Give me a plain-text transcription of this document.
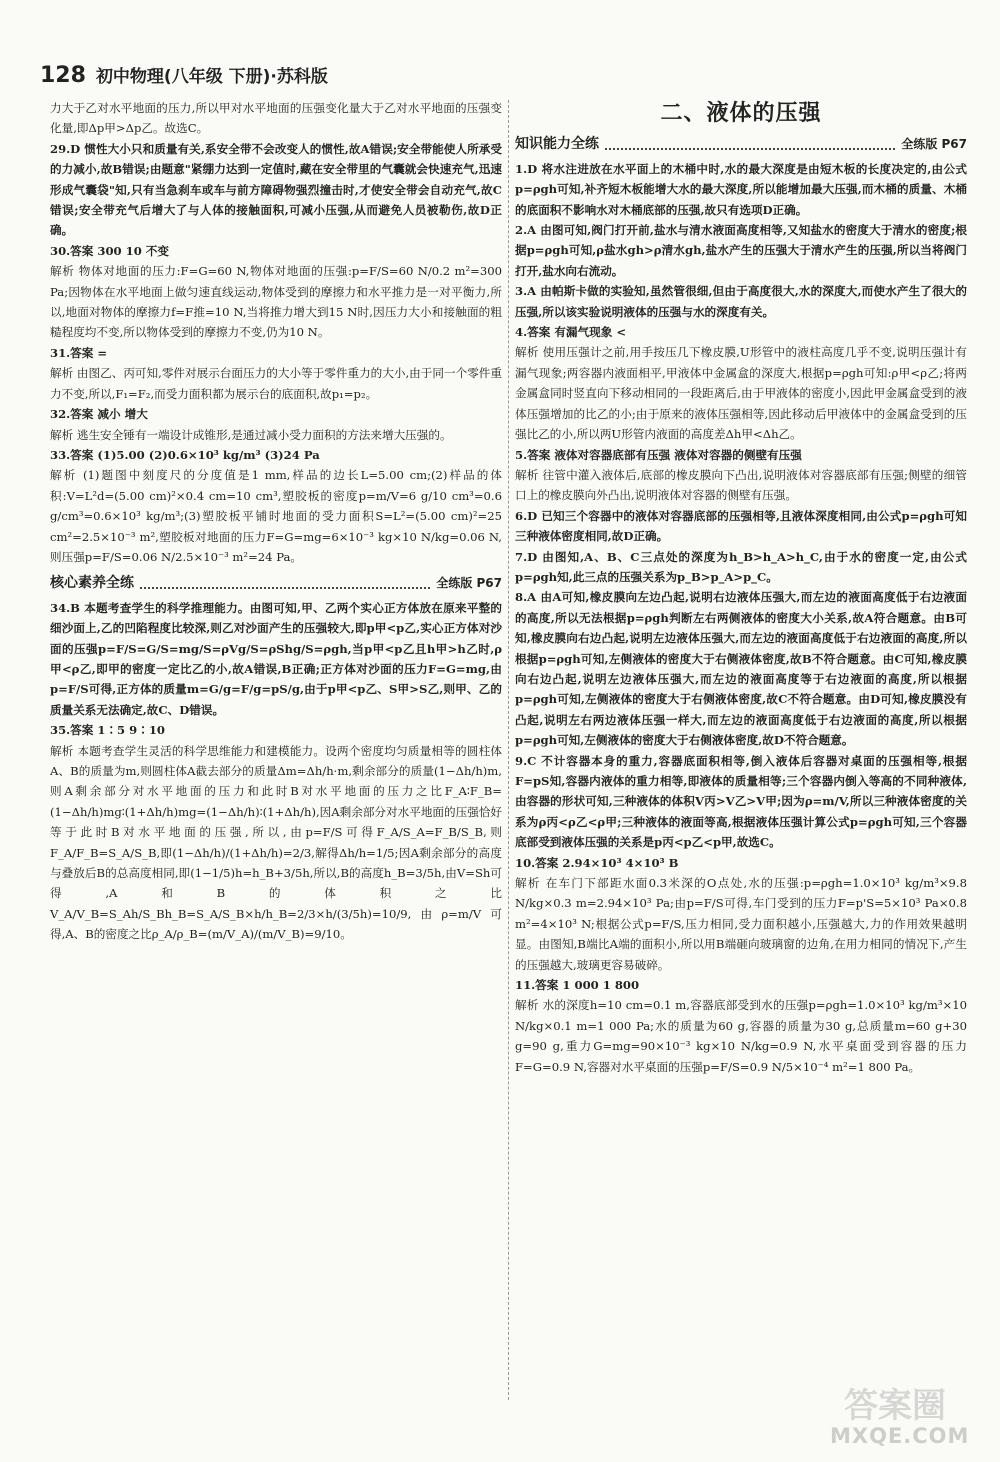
128 初中物理(八年级 下册)·苏科版

力大于乙对水平地面的压力,所以甲对水平地面的压强变化量大于乙对水平地面的压强变化量,即Δp甲>Δp乙。故选C。

29.D 惯性大小只和质量有关,系安全带不会改变人的惯性,故A错误;安全带能使人所承受的力减小,故B错误;由题意"紧绷力达到一定值时,藏在安全带里的气囊就会快速充气,迅速形成气囊袋"知,只有当急刹车或车与前方障碍物强烈撞击时,才使安全带会自动充气,故C错误;安全带充气后增大了与人体的接触面积,可减小压强,从而避免人员被勒伤,故D正确。

30.答案 300 10 不变

解析 物体对地面的压力:F=G=60 N,物体对地面的压强:p=F/S=60 N/0.2 m²=300 Pa;因物体在水平地面上做匀速直线运动,物体受到的摩擦力和水平推力是一对平衡力,所以,地面对物体的摩擦力f=F推=10 N,当将推力增大到15 N时,因压力大小和接触面的粗糙程度均不变,所以物体受到的摩擦力不变,仍为10 N。

31.答案 =

解析 由图乙、丙可知,零件对展示台面压力的大小等于零件重力的大小,由于同一个零件重力不变,所以,F₁=F₂,而受力面积都为展示台的底面积,故p₁=p₂。

32.答案 减小 增大

解析 逃生安全锤有一端设计成锥形,是通过减小受力面积的方法来增大压强的。

33.答案 (1)5.00 (2)0.6×10³ kg/m³ (3)24 Pa

解析 (1)题图中刻度尺的分度值是1 mm,样品的边长L=5.00 cm;(2)样品的体积:V=L²d=(5.00 cm)²×0.4 cm=10 cm³,塑胶板的密度p=m/V=6 g/10 cm³=0.6 g/cm³=0.6×10³ kg/m³;(3)塑胶板平铺时地面的受力面积S=L²=(5.00 cm)²=25 cm²=2.5×10⁻³ m²,塑胶板对地面的压力F=G=mg=6×10⁻³ kg×10 N/kg=0.06 N,则压强p=F/S=0.06 N/2.5×10⁻³ m²=24 Pa。

核心素养全练	全练版 P67

34.B 本题考查学生的科学推理能力。由图可知,甲、乙两个实心正方体放在原来平整的细沙面上,乙的凹陷程度比较深,则乙对沙面产生的压强较大,即p甲<p乙,实心正方体对沙面的压强p=F/S=G/S=mg/S=ρVg/S=ρShg/S=ρgh,当p甲<p乙且h甲>h乙时,ρ甲<ρ乙,即甲的密度一定比乙的小,故A错误,B正确;正方体对沙面的压力F=G=mg,由p=F/S可得,正方体的质量m=G/g=F/g=pS/g,由于p甲<p乙、S甲>S乙,则甲、乙的质量关系无法确定,故C、D错误。

35.答案 1∶5 9∶10

解析 本题考查学生灵活的科学思维能力和建模能力。设两个密度均匀质量相等的圆柱体A、B的质量为m,则圆柱体A截去部分的质量Δm=Δh/h·m,剩余部分的质量(1−Δh/h)m,则A剩余部分对水平地面的压力和此时B对水平地面的压力之比F_A∶F_B=(1−Δh/h)mg∶(1+Δh/h)mg=(1−Δh/h)∶(1+Δh/h),因A剩余部分对水平地面的压强恰好等于此时B对水平地面的压强,所以,由p=F/S可得F_A/S_A=F_B/S_B,则F_A/F_B=S_A/S_B,即(1−Δh/h)/(1+Δh/h)=2/3,解得Δh/h=1/5;因A剩余部分的高度与叠放后B的总高度相同,即(1−1/5)h=h_B+3/5h,所以,B的高度h_B=3/5h,由V=Sh可得,A和B的体积之比V_A/V_B=S_Ah/S_Bh_B=S_A/S_B×h/h_B=2/3×h/(3/5h)=10/9,由ρ=m/V可得,A、B的密度之比ρ_A/ρ_B=(m/V_A)/(m/V_B)=9/10。

二、液体的压强
知识能力全练	全练版 P67

1.D 将水注进放在水平面上的木桶中时,水的最大深度是由短木板的长度决定的,由公式p=ρgh可知,补齐短木板能增大水的最大深度,所以能增加最大压强,而木桶的质量、木桶的底面积不影响水对木桶底部的压强,故只有选项D正确。

2.A 由图可知,阀门打开前,盐水与清水液面高度相等,又知盐水的密度大于清水的密度;根据p=ρgh可知,ρ盐水gh>ρ清水gh,盐水产生的压强大于清水产生的压强,所以当将阀门打开,盐水向右流动。

3.A 由帕斯卡做的实验知,虽然管很细,但由于高度很大,水的深度大,而使水产生了很大的压强,所以该实验说明液体的压强与水的深度有关。

4.答案 有漏气现象 <

解析 使用压强计之前,用手按压几下橡皮膜,U形管中的液柱高度几乎不变,说明压强计有漏气现象;两容器内液面相平,甲液体中金属盒的深度大,根据p=ρgh可知:ρ甲<ρ乙;将两金属盒同时竖直向下移动相同的一段距离后,由于甲液体的密度小,因此甲金属盒受到的液体压强增加的比乙的小;由于原来的液体压强相等,因此移动后甲液体中的金属盒受到的压强比乙的小,所以两U形管内液面的高度差Δh甲<Δh乙。

5.答案 液体对容器底部有压强 液体对容器的侧壁有压强

解析 往管中灌入液体后,底部的橡皮膜向下凸出,说明液体对容器底部有压强;侧壁的细管口上的橡皮膜向外凸出,说明液体对容器的侧壁有压强。

6.D 已知三个容器中的液体对容器底部的压强相等,且液体深度相同,由公式p=ρgh可知三种液体密度相同,故D正确。

7.D 由图知,A、B、C三点处的深度为h_B>h_A>h_C,由于水的密度一定,由公式p=ρgh知,此三点的压强关系为p_B>p_A>p_C。

8.A 由A可知,橡皮膜向左边凸起,说明右边液体压强大,而左边的液面高度低于右边液面的高度,所以无法根据p=ρgh判断左右两侧液体的密度大小关系,故A符合题意。由B可知,橡皮膜向右边凸起,说明左边液体压强大,而左边的液面高度低于右边液面的高度,所以根据p=ρgh可知,左侧液体的密度大于右侧液体密度,故B不符合题意。由C可知,橡皮膜向右边凸起,说明左边液体压强大,而左边的液面高度等于右边液面的高度,所以根据p=ρgh可知,左侧液体的密度大于右侧液体密度,故C不符合题意。由D可知,橡皮膜没有凸起,说明左右两边液体压强一样大,而左边的液面高度低于右边液面的高度,所以根据p=ρgh可知,左侧液体的密度大于右侧液体密度,故D不符合题意。

9.C 不计容器本身的重力,容器底面积相等,倒入液体后容器对桌面的压强相等,根据F=pS知,容器内液体的重力相等,即液体的质量相等;三个容器内倒入等高的不同种液体,由容器的形状可知,三种液体的体积V丙>V乙>V甲;因为ρ=m/V,所以三种液体密度的关系为ρ丙<ρ乙<ρ甲;三种液体的液面等高,根据液体压强计算公式p=ρgh可知,三个容器底部受到液体压强的关系是p丙<p乙<p甲,故选C。

10.答案 2.94×10³ 4×10³ B

解析 在车门下部距水面0.3米深的O点处,水的压强:p=ρgh=1.0×10³ kg/m³×9.8 N/kg×0.3 m=2.94×10³ Pa;由p=F/S可得,车门受到的压力F=p'S=5×10³ Pa×0.8 m²=4×10³ N;根据公式p=F/S,压力相同,受力面积越小,压强越大,力的作用效果越明显。由图知,B端比A端的面积小,所以用B端砸向玻璃窗的边角,在用力相同的情况下,产生的压强越大,玻璃更容易破碎。

11.答案 1 000 1 800

解析 水的深度h=10 cm=0.1 m,容器底部受到水的压强p=ρgh=1.0×10³ kg/m³×10 N/kg×0.1 m=1 000 Pa;水的质量为60 g,容器的质量为30 g,总质量m=60 g+30 g=90 g,重力G=mg=90×10⁻³ kg×10 N/kg=0.9 N,水平桌面受到容器的压力F=G=0.9 N,容器对水平桌面的压强p=F/S=0.9 N/5×10⁻⁴ m²=1 800 Pa。

答案圈
MXQE.COM
